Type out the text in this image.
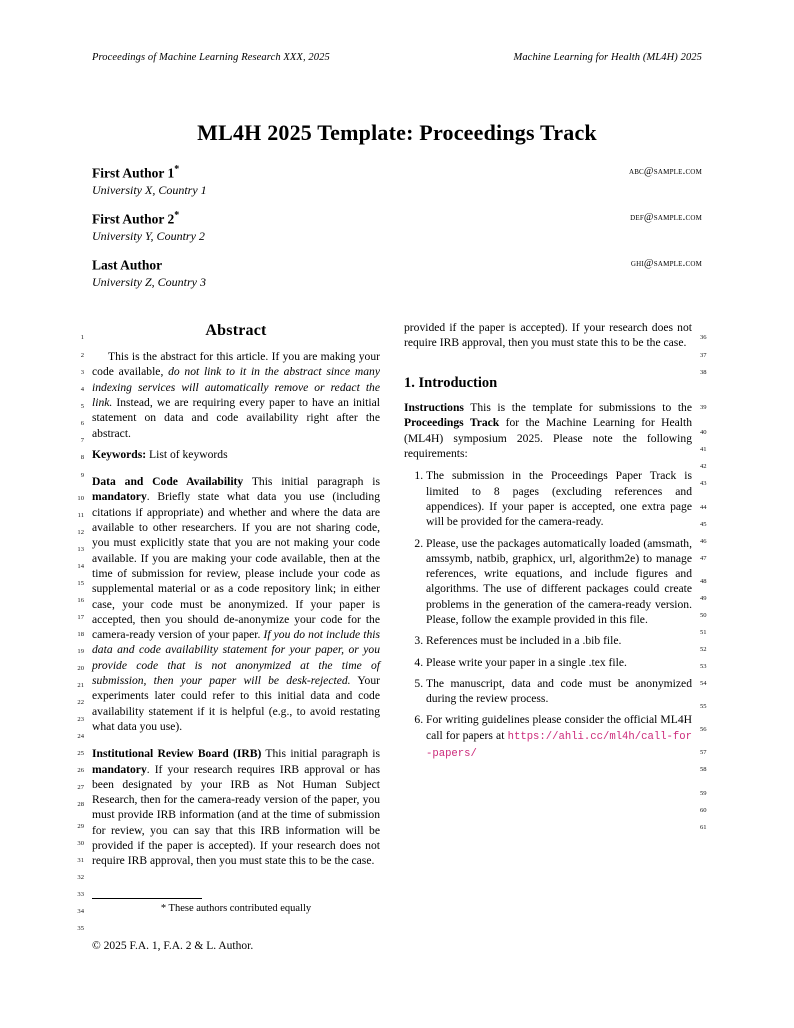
Proceedings of Machine Learning Research XXX, 2025	Machine Learning for Health (ML4H) 2025
ML4H 2025 Template: Proceedings Track
First Author 1*
University X, Country 1
abc@sample.com
First Author 2*
University Y, Country 2
def@sample.com
Last Author
University Z, Country 3
ghi@sample.com
Abstract

This is the abstract for this article. If you are making your code available, do not link to it in the abstract since many indexing services will automatically remove or redact the link. Instead, we are requiring every paper to have an initial statement on data and code availability right after the abstract.

Keywords: List of keywords

Data and Code Availability This initial paragraph is mandatory. Briefly state what data you use (including citations if appropriate) and whether and where the data are available to other researchers. If you are not sharing code, you must explicitly state that you are not making your code available. If you are making your code available, then at the time of submission for review, please include your code as supplemental material or as a code repository link; in either case, your code must be anonymized. If your paper is accepted, then you should de-anonymize your code for the camera-ready version of your paper. If you do not include this data and code availability statement for your paper, or you provide code that is not anonymized at the time of submission, then your paper will be desk-rejected. Your experiments later could refer to this initial data and code availability statement if it is helpful (e.g., to avoid restating what data you use).

Institutional Review Board (IRB) This initial paragraph is mandatory. If your research requires IRB approval or has been designated by your IRB as Not Human Subject Research, then for the camera-ready version of the paper, you must provide IRB information (and at the time of submission for review, you can say that this IRB information will be provided if the paper is accepted). If your research does not require IRB approval, then you must state this to be the case.

1. Introduction

Instructions This is the template for submissions to the Proceedings Track for the Machine Learning for Health (ML4H) symposium 2025. Please note the following requirements:

1. The submission in the Proceedings Paper Track is limited to 8 pages (excluding references and appendices). If your paper is accepted, one extra page will be provided for the camera-ready.
2. Please, use the packages automatically loaded (amsmath, amssymb, natbib, graphicx, url, algorithm2e) to manage references, write equations, and include figures and algorithms. The use of different packages could create problems in the generation of the camera-ready version. Please, follow the example provided in this file.
3. References must be included in a .bib file.
4. Please write your paper in a single .tex file.
5. The manuscript, data and code must be anonymized during the review process.
6. For writing guidelines please consider the official ML4H call for papers at https://ahli.cc/ml4h/call-for-papers/
provided if the paper is accepted). If your research does not require IRB approval, then you must state this to be the case.
1
2
3
4
5
6
7
8
9
10
11
12
13
14
15
16
17
18
19
20
21
22
23
24
25
26
27
28
29
30
31
32
33
34
35
36
37
38
39
40
41
42
43
44
45
46
47
48
49
50
51
52
53
54
55
56
57
58
59
60
61
* These authors contributed equally
© 2025 F.A. 1, F.A. 2 & L. Author.
